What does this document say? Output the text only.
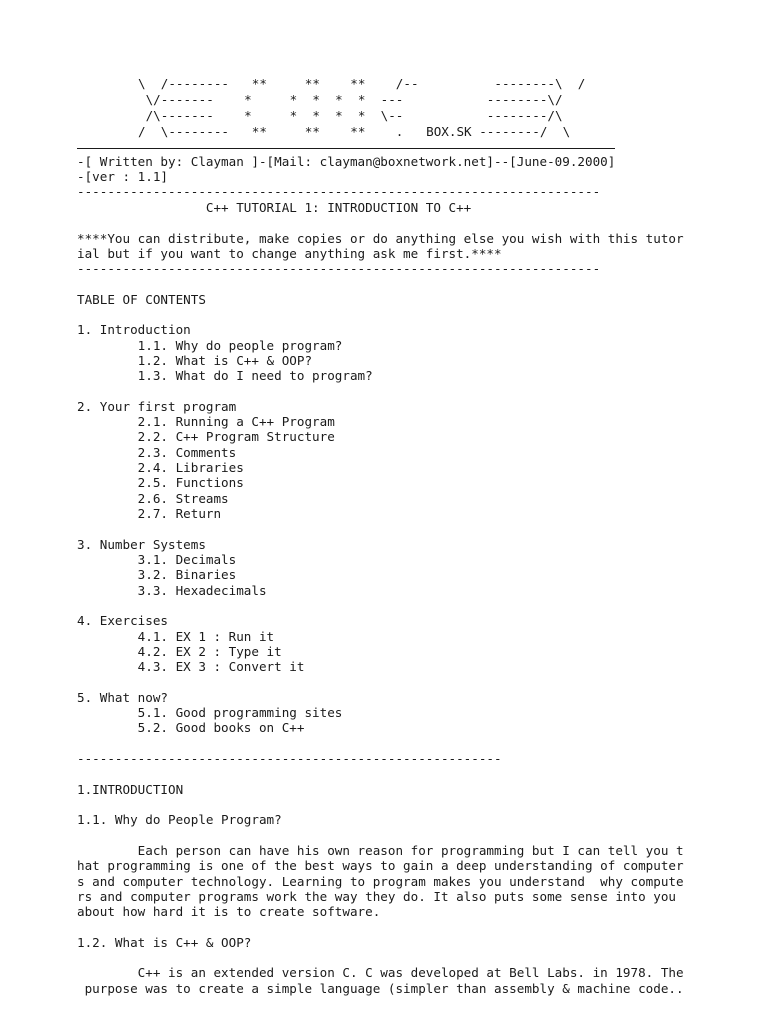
\  /--------   **     **    **    /--          --------\  /
\/-------    *     *  *  *  *  ---           --------\/
/\-------    *     *  *  *  *  \--           --------/\
/  \--------   **     **    **    .   BOX.SK --------/  \
-[ Written by: Clayman ]-[Mail: clayman@boxnetwork.net]--[June-09.2000]
-[ver : 1.1]
---------------------------------------------------------------------
C++ TUTORIAL 1: INTRODUCTION TO C++
****You can distribute, make copies or do anything else you wish with this tutor
ial but if you want to change anything ask me first.****
---------------------------------------------------------------------
TABLE OF CONTENTS
1. Introduction
1.1. Why do people program?
1.2. What is C++ & OOP?
1.3. What do I need to program?
2. Your first program
2.1. Running a C++ Program
2.2. C++ Program Structure
2.3. Comments
2.4. Libraries
2.5. Functions
2.6. Streams
2.7. Return
3. Number Systems
3.1. Decimals
3.2. Binaries
3.3. Hexadecimals
4. Exercises
4.1. EX 1 : Run it
4.2. EX 2 : Type it
4.3. EX 3 : Convert it
5. What now?
5.1. Good programming sites
5.2. Good books on C++
--------------------------------------------------------
1.INTRODUCTION
1.1. Why do People Program?
Each person can have his own reason for programming but I can tell you t
hat programming is one of the best ways to gain a deep understanding of computer
s and computer technology. Learning to program makes you understand  why compute
rs and computer programs work the way they do. It also puts some sense into you
about how hard it is to create software.
1.2. What is C++ & OOP?
C++ is an extended version C. C was developed at Bell Labs. in 1978. The
purpose was to create a simple language (simpler than assembly & machine code..
